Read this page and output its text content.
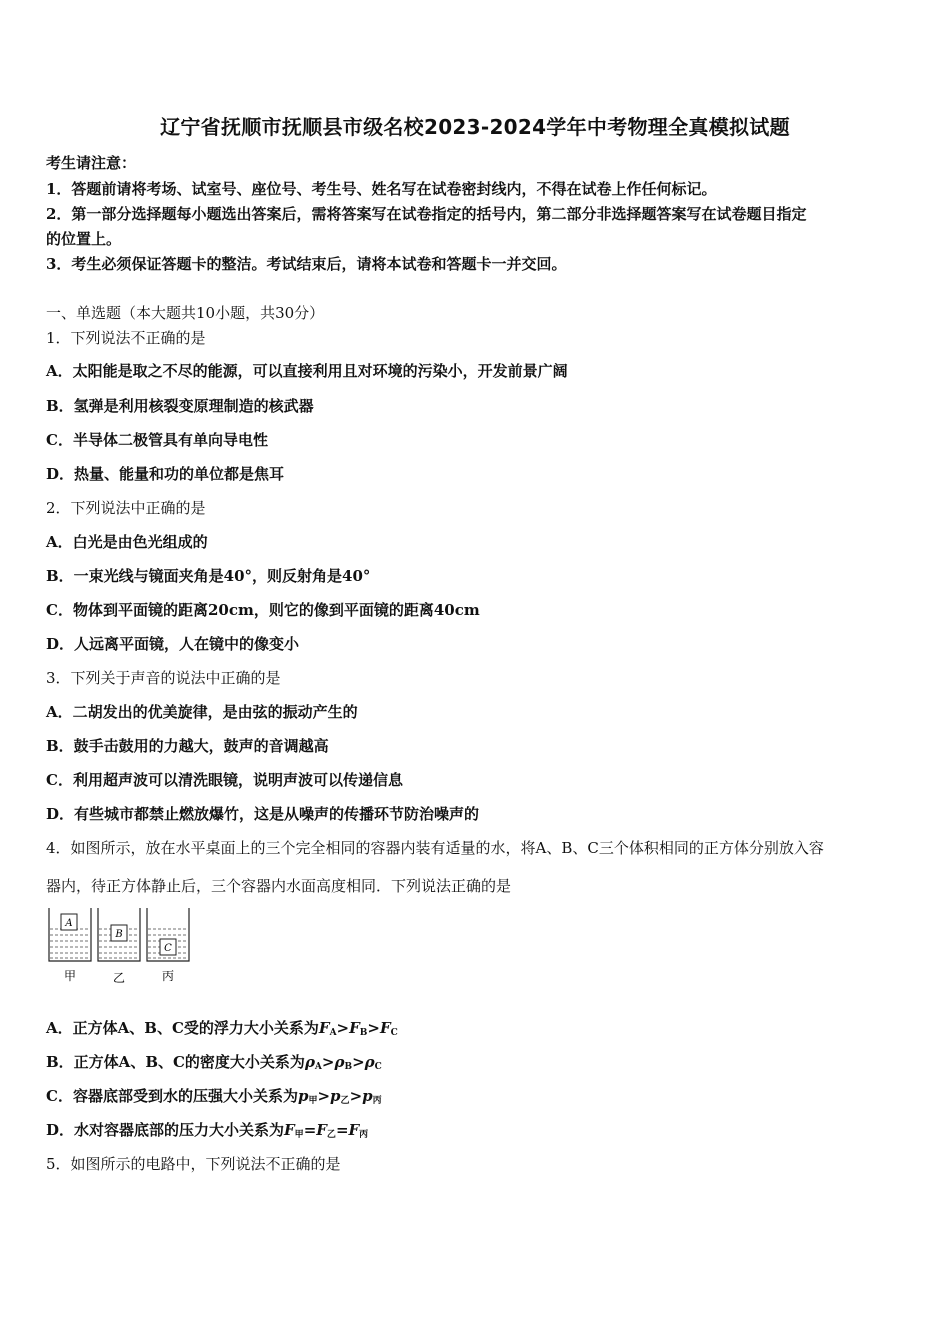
辽宁省抚顺市抚顺县市级名校2023-2024学年中考物理全真模拟试题
考生请注意：
1．答题前请将考场、试室号、座位号、考生号、姓名写在试卷密封线内，不得在试卷上作任何标记。
2．第一部分选择题每小题选出答案后，需将答案写在试卷指定的括号内，第二部分非选择题答案写在试卷题目指定
的位置上。
3．考生必须保证答题卡的整洁。考试结束后，请将本试卷和答题卡一并交回。
一、单选题（本大题共10小题，共30分）
1．下列说法不正确的是
A．太阳能是取之不尽的能源，可以直接利用且对环境的污染小，开发前景广阔
B．氢弹是利用核裂变原理制造的核武器
C．半导体二极管具有单向导电性
D．热量、能量和功的单位都是焦耳
2．下列说法中正确的是
A．白光是由色光组成的
B．一束光线与镜面夹角是40°，则反射角是40°
C．物体到平面镜的距离20cm，则它的像到平面镜的距离40cm
D．人远离平面镜，人在镜中的像变小
3．下列关于声音的说法中正确的是
A．二胡发出的优美旋律，是由弦的振动产生的
B．鼓手击鼓用的力越大，鼓声的音调越高
C．利用超声波可以清洗眼镜，说明声波可以传递信息
D．有些城市都禁止燃放爆竹，这是从噪声的传播环节防治噪声的
4．如图所示，放在水平桌面上的三个完全相同的容器内装有适量的水，将A、B、C三个体积相同的正方体分别放入容
器内，待正方体静止后，三个容器内水面高度相同．下列说法正确的是
A
B
C
甲	乙	丙
A．正方体A、B、C受的浮力大小关系为$F_A>F_B>F_C$
B．正方体A、B、C的密度大小关系为$\rho_A>\rho_B>\rho_C$
C．容器底部受到水的压强大小关系为$p_甲>p_乙>p_丙$
D．水对容器底部的压力大小关系为$F_甲=F_乙=F_丙$
5．如图所示的电路中，下列说法不正确的是
